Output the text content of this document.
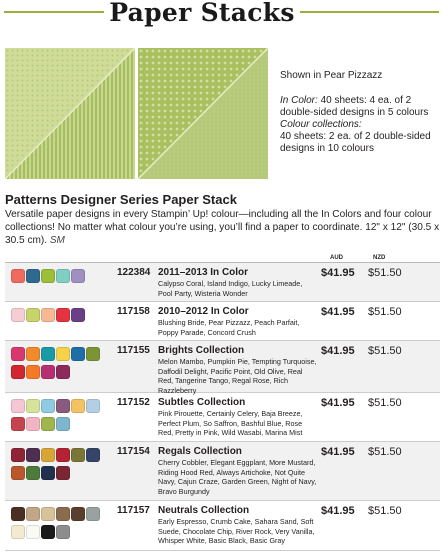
Paper Stacks
Shown in Pear Pizzazz
In Color: 40 sheets: 4 ea. of 2 double-sided designs in 5 colours
Colour collections:
40 sheets: 2 ea. of 2 double-sided designs in 10 colours
Patterns Designer Series Paper Stack
Versatile paper designs in every Stampin’ Up! colour—including all the In Colors and four colour collections! No matter what colour you’re using, you’ll find a paper to coordinate. 12" x 12" (30.5 x 30.5 cm). SM
AUD	NZD
122384 2011–2013 In Color
Calypso Coral, Island Indigo, Lucky Limeade, Pool Party, Wisteria Wonder
$41.95 $51.50
117158 2010–2012 In Color
Blushing Bride, Pear Pizzazz, Peach Parfait, Poppy Parade, Concord Crush
$41.95 $51.50
117155 Brights Collection
Melon Mambo, Pumpkin Pie, Tempting Turquoise, Daffodil Delight, Pacific Point, Old Olive, Real Red, Tangerine Tango, Regal Rose, Rich Razzleberry
$41.95 $51.50
117152 Subtles Collection
Pink Pirouette, Certainly Celery, Baja Breeze, Perfect Plum, So Saffron, Bashful Blue, Rose Red, Pretty in Pink, Wild Wasabi, Marina Mist
$41.95 $51.50
117154 Regals Collection
Cherry Cobbler, Elegant Eggplant, More Mustard, Riding Hood Red, Always Artichoke, Not Quite Navy, Cajun Craze, Garden Green, Night of Navy, Bravo Burgundy
$41.95 $51.50
117157 Neutrals Collection
Early Espresso, Crumb Cake, Sahara Sand, Soft Suede, Chocolate Chip, River Rock, Very Vanilla, Whisper White, Basic Black, Basic Gray
$41.95 $51.50
